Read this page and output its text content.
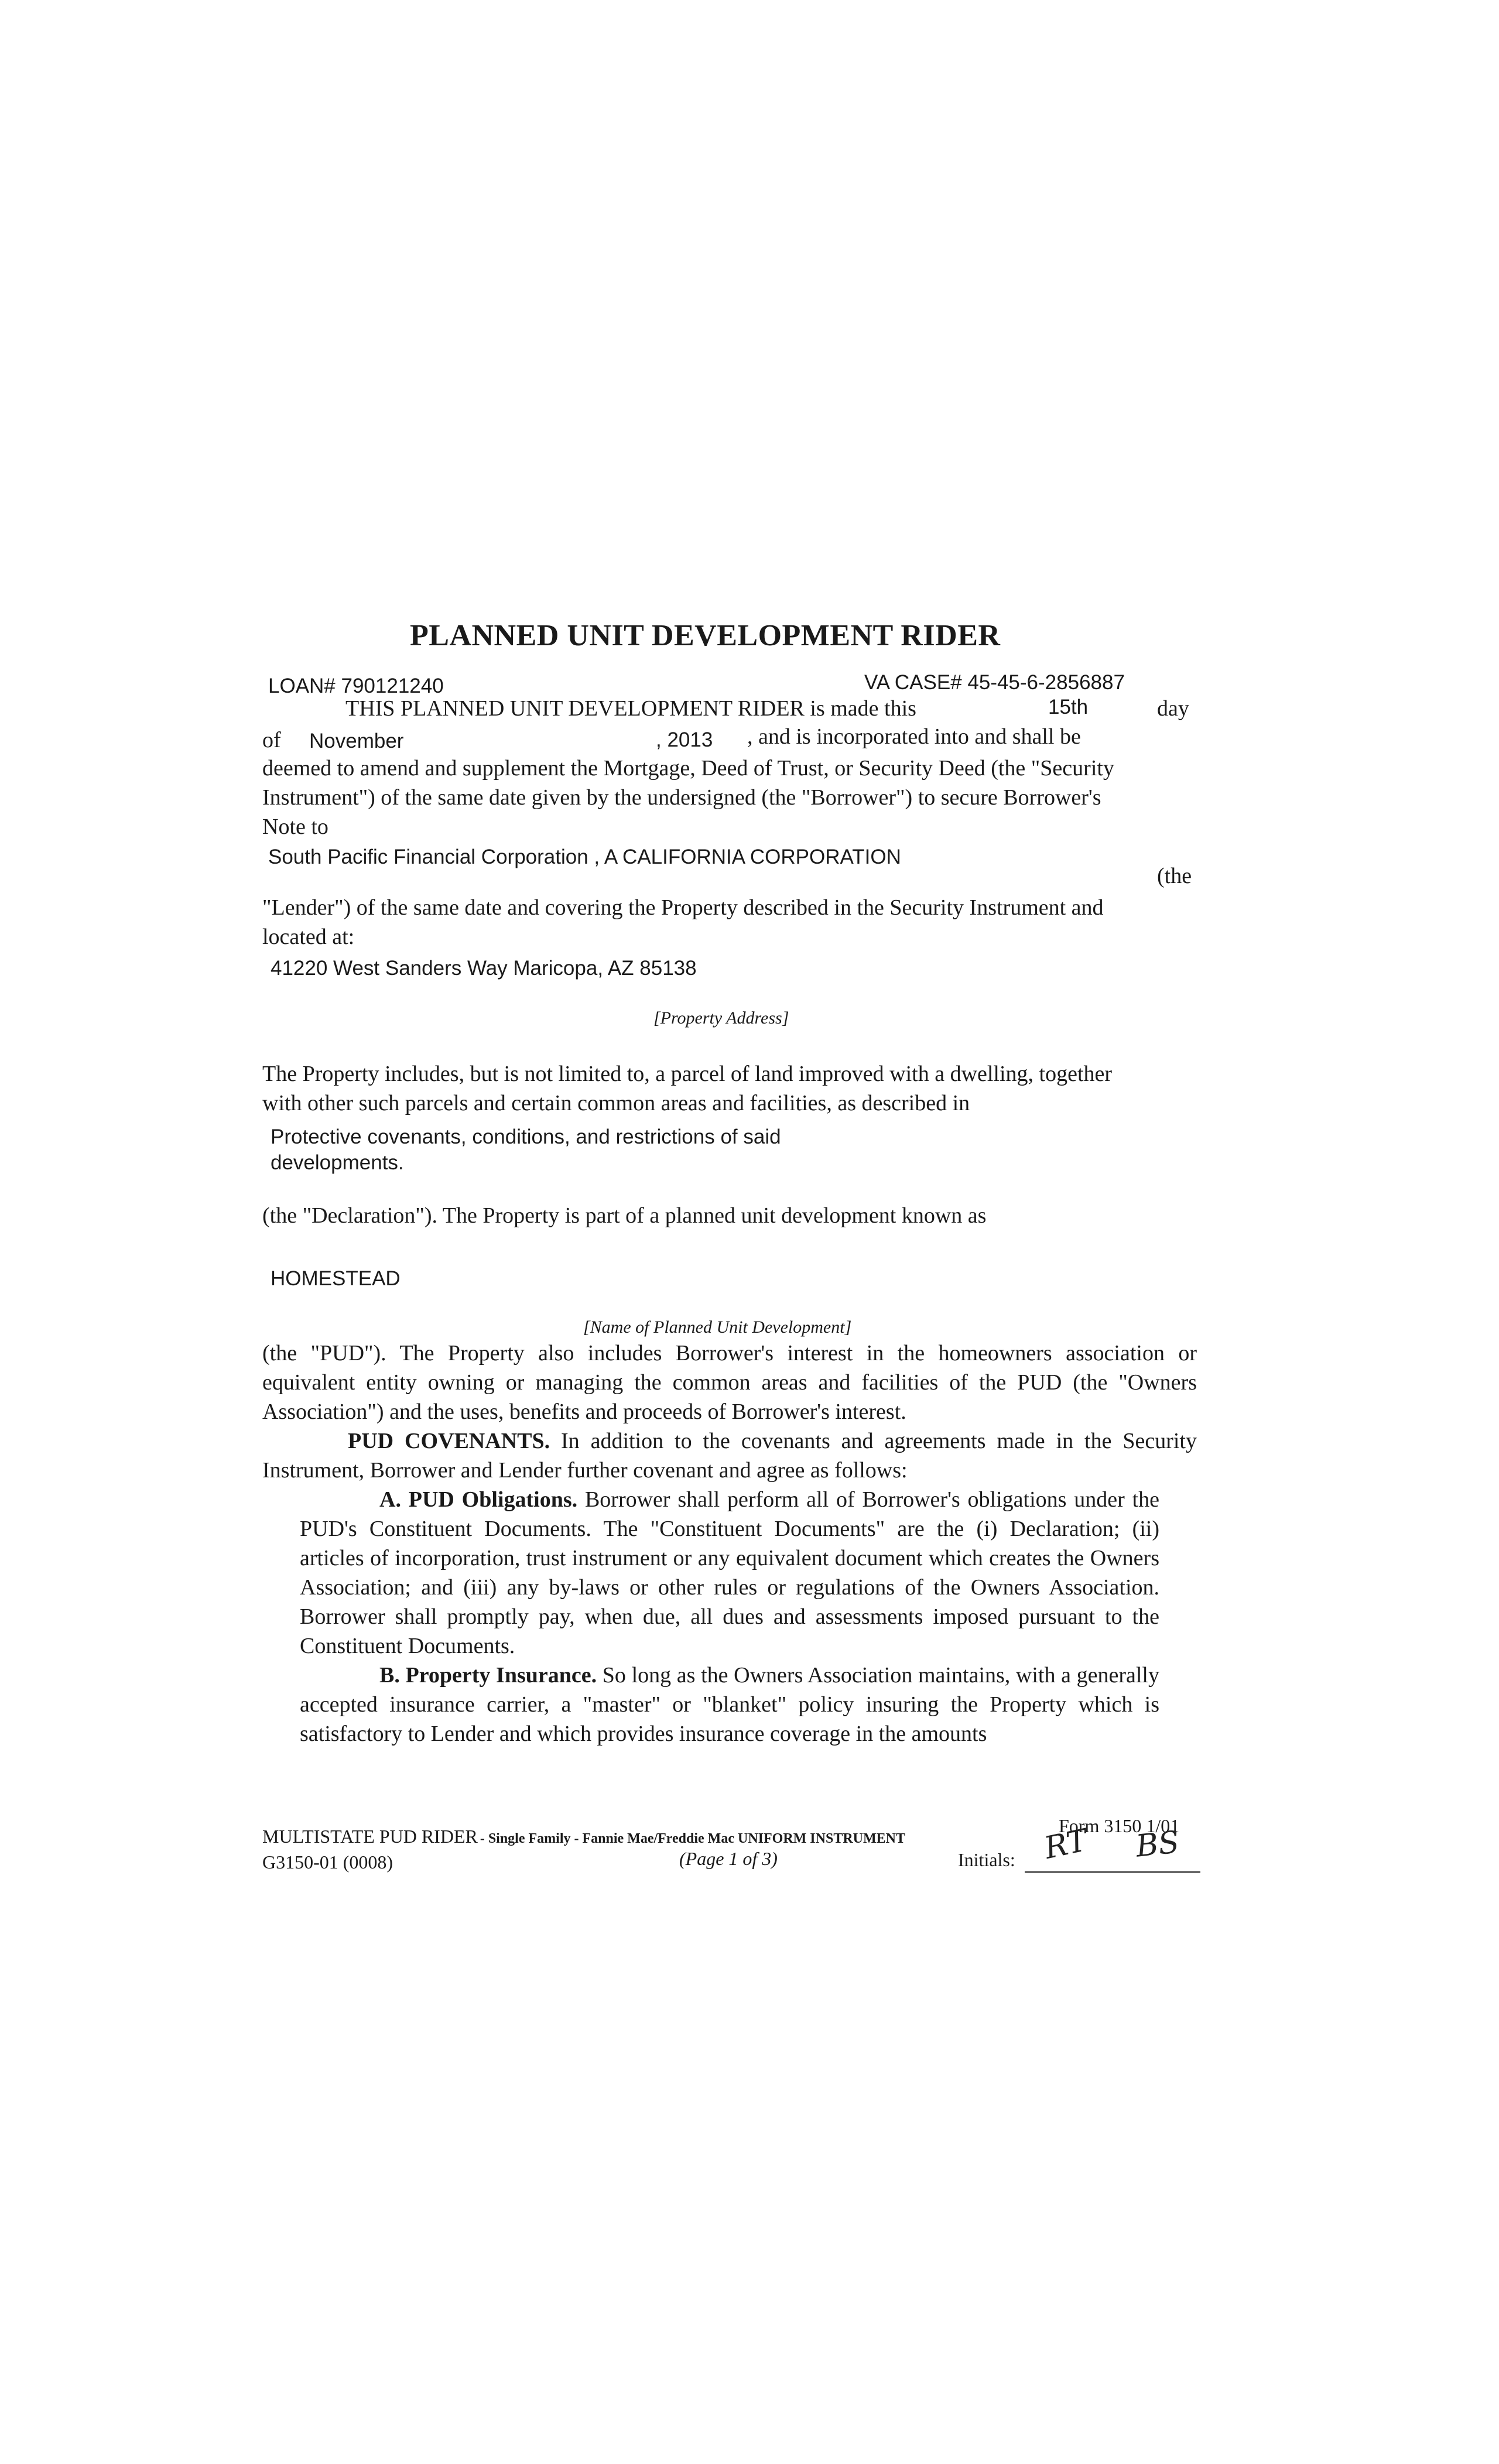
PLANNED UNIT DEVELOPMENT RIDER
LOAN# 790121240	VA CASE# 45-45-6-2856887
THIS PLANNED UNIT DEVELOPMENT RIDER is made this	15th	day
of November	, 2013 , and is incorporated into and shall be
deemed to amend and supplement the Mortgage, Deed of Trust, or Security Deed (the "Security
Instrument") of the same date given by the undersigned (the "Borrower") to secure Borrower's
Note to
South Pacific Financial Corporation , A CALIFORNIA CORPORATION
(the
"Lender") of the same date and covering the Property described in the Security Instrument and
located at:
41220 West Sanders Way Maricopa, AZ 85138
[Property Address]
The Property includes, but is not limited to, a parcel of land improved with a dwelling, together
with other such parcels and certain common areas and facilities, as described in
Protective covenants, conditions, and restrictions of said
developments.
(the "Declaration"). The Property is part of a planned unit development known as
HOMESTEAD
[Name of Planned Unit Development]
(the "PUD"). The Property also includes Borrower's interest in the homeowners association or equivalent entity owning or managing the common areas and facilities of the PUD (the "Owners Association") and the uses, benefits and proceeds of Borrower's interest.
PUD COVENANTS. In addition to the covenants and agreements made in the Security Instrument, Borrower and Lender further covenant and agree as follows:
A. PUD Obligations. Borrower shall perform all of Borrower's obligations under the PUD's Constituent Documents. The "Constituent Documents" are the (i) Declaration; (ii) articles of incorporation, trust instrument or any equivalent document which creates the Owners Association; and (iii) any by-laws or other rules or regulations of the Owners Association. Borrower shall promptly pay, when due, all dues and assessments imposed pursuant to the Constituent Documents.
B. Property Insurance. So long as the Owners Association maintains, with a generally accepted insurance carrier, a "master" or "blanket" policy insuring the Property which is satisfactory to Lender and which provides insurance coverage in the amounts
MULTISTATE PUD RIDER - Single Family - Fannie Mae/Freddie Mac UNIFORM INSTRUMENT
Form 3150 1/01
G3150-01 (0008)	(Page 1 of 3)	Initials: RT BS
